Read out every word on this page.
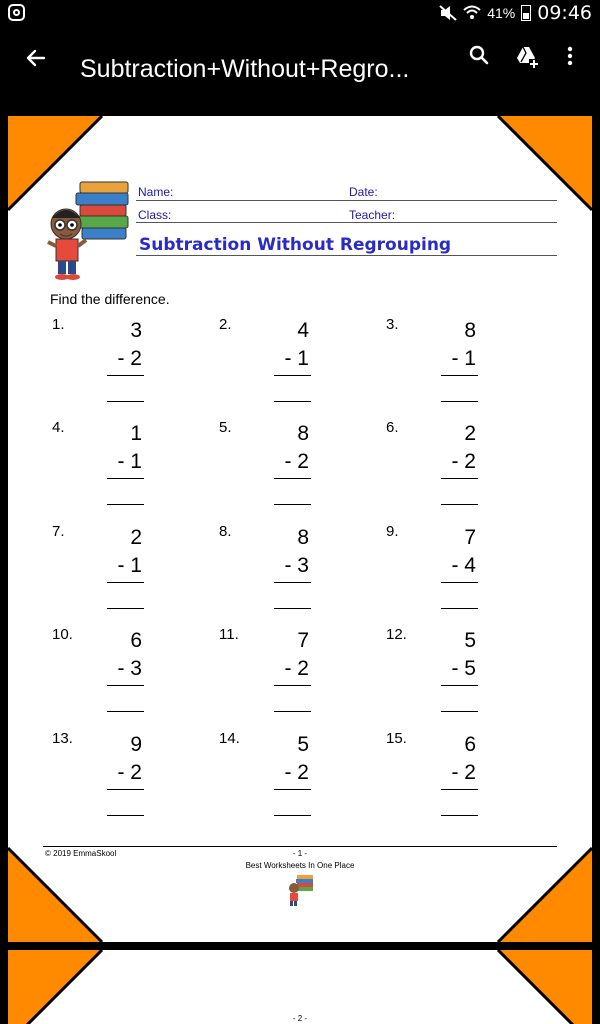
41% 09:46
Subtraction+Without+Regro...
Name:	Date:
Class:	Teacher:
Subtraction Without Regrouping
Find the difference.
1.	3
- 2
2.	4
- 1
3.	8
- 1
4.	1
- 1
5.	8
- 2
6.	2
- 2
7.	2
- 1
8.	8
- 3
9.	7
- 4
10.	6
- 3
11.	7
- 2
12.	5
- 5
13.	9
- 2
14.	5
- 2
15.	6
- 2
© 2019 EmmaSkool	- 1 -
Best Worksheets In One Place
- 2 -
